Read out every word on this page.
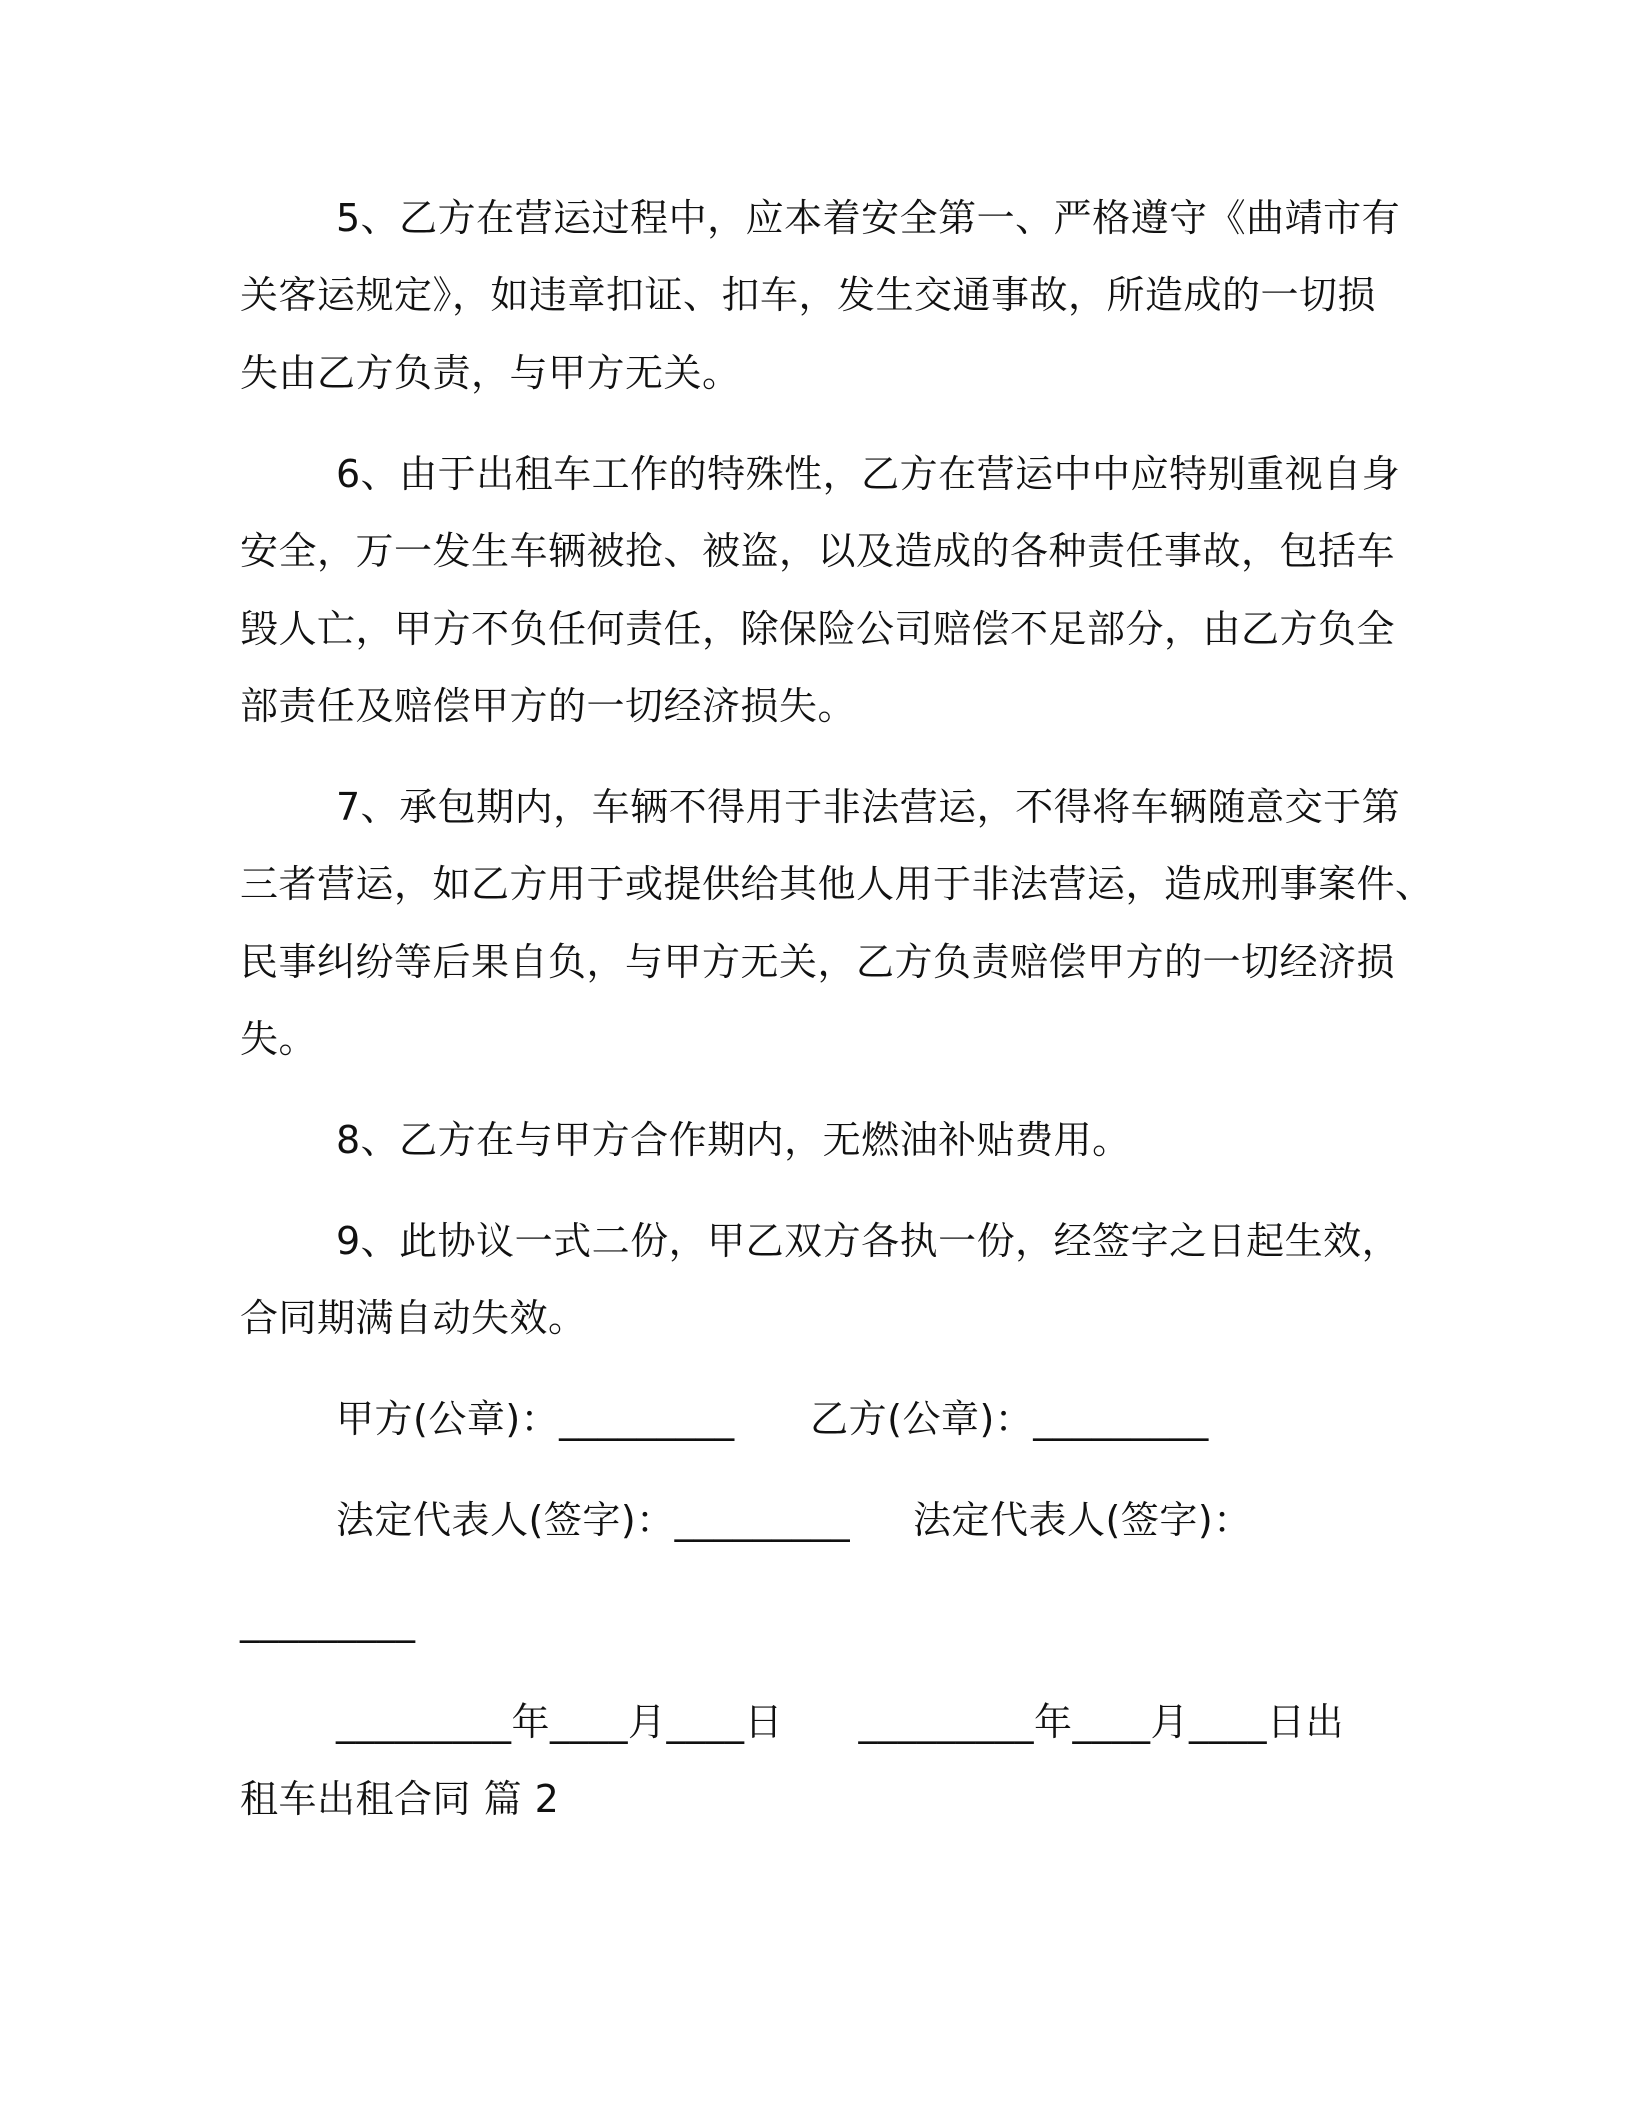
5、乙方在营运过程中，应本着安全第一、严格遵守《曲靖市有
关客运规定》，如违章扣证、扣车，发生交通事故，所造成的一切损
失由乙方负责，与甲方无关。
6、由于出租车工作的特殊性，乙方在营运中中应特别重视自身
安全，万一发生车辆被抢、被盗，以及造成的各种责任事故，包括车
毁人亡，甲方不负任何责任，除保险公司赔偿不足部分，由乙方负全
部责任及赔偿甲方的一切经济损失。
7、承包期内，车辆不得用于非法营运，不得将车辆随意交于第
三者营运，如乙方用于或提供给其他人用于非法营运，造成刑事案件、
民事纠纷等后果自负，与甲方无关，乙方负责赔偿甲方的一切经济损
失。
8、乙方在与甲方合作期内，无燃油补贴费用。
9、此协议一式二份，甲乙双方各执一份，经签字之日起生效，
合同期满自动失效。
甲方(公章)：_________      乙方(公章)：_________
法定代表人(签字)：_________     法定代表人(签字)：
_________
_________年____月____日      _________年____月____日出
租车出租合同 篇 2
